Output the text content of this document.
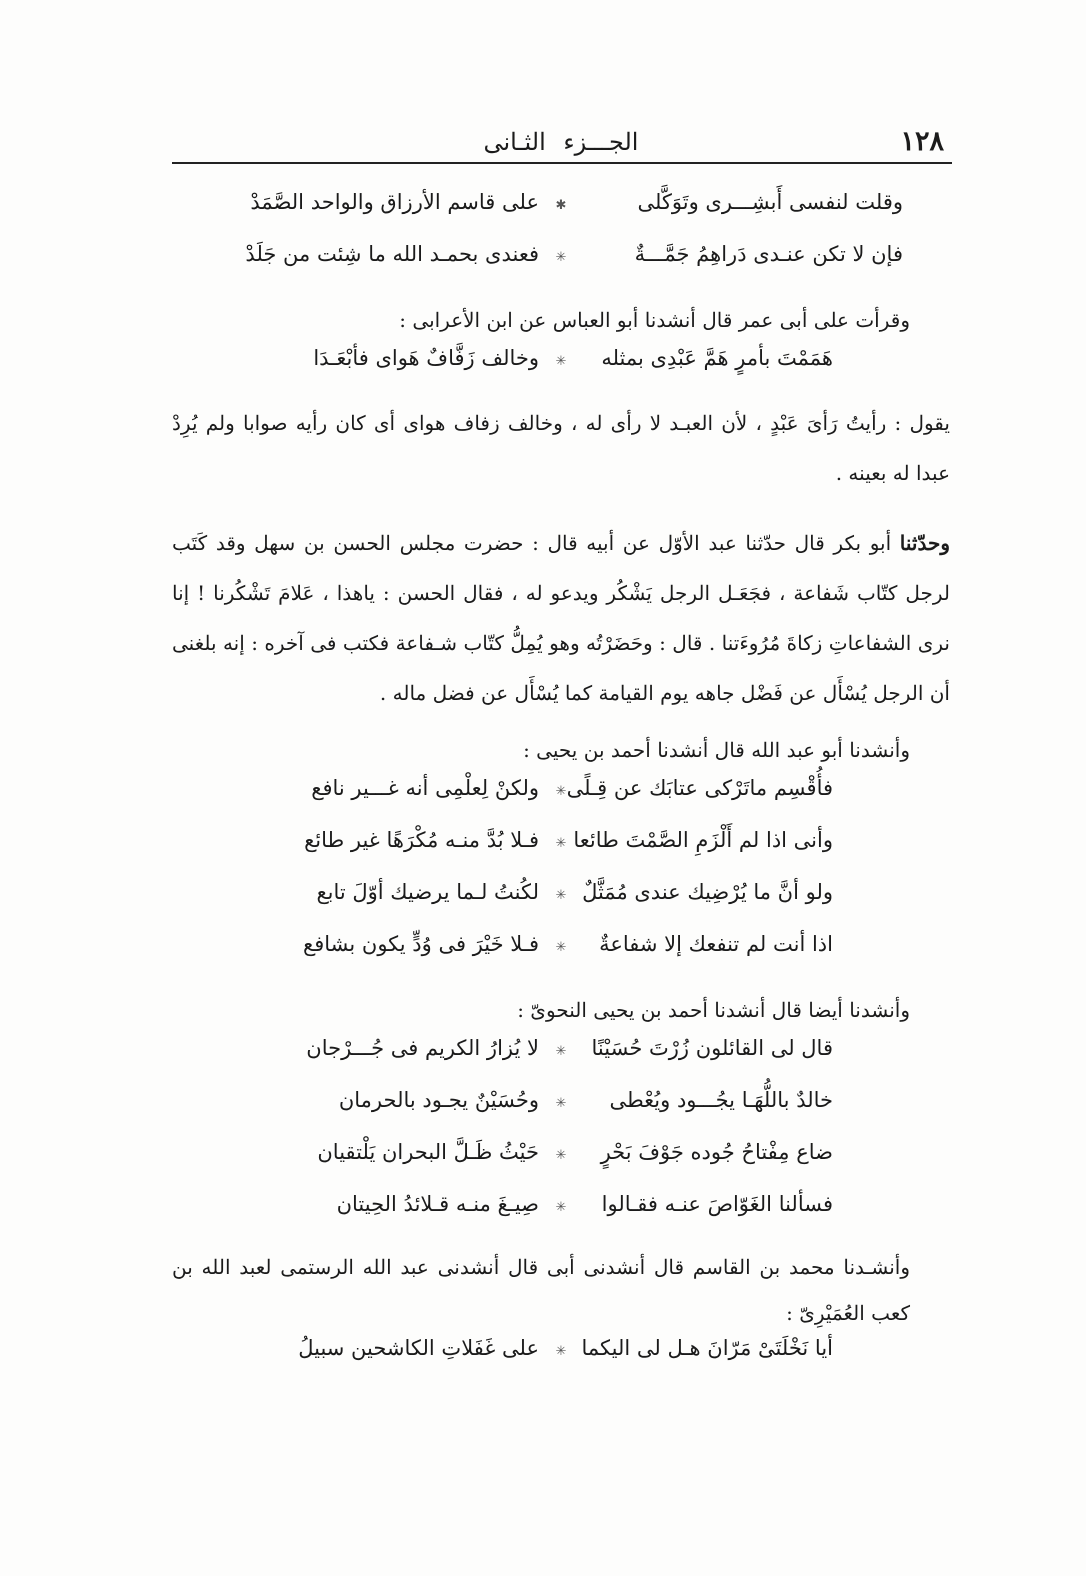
١٢٨
الجـــزء الثـانى
وقلت لنفسى أَبشِـــرى وتَوَكَّلى
✱
على قاسم الأرزاق والواحد الصَّمَدْ
فإن لا تكن عنـدى دَراهِمُ جَمَّـــةٌ
✳
فعندى بحمـد الله ما شِئت من جَلَدْ
وقرأت على أبى عمر قال أنشدنا أبو العباس عن ابن الأعرابى :
هَمَمْتَ بأمرٍ هَمَّ عَبْدِى بمثله
✳
وخالف زَفَّافٌ هَواى فأبْعَـدَا

يقول : رأيتُ رَأىَ عَبْدٍ ، لأن العبـد لا رأى له ، وخالف زفاف هواى أى كان رأيه صوابا ولم يُرِدْ عبدا له بعينه .

وحدّثنا أبو بكر قال حدّثنا عبد الأوّل عن أبيه قال : حضرت مجلس الحسن بن سهل وقد كَتَب لرجل كتّاب شَفاعة ، فجَعَـل الرجل يَشْكُر ويدعو له ، فقال الحسن : ياهذا ، عَلامَ تَشْكُرنا ! إنا نرى الشفاعاتِ زكاةَ مُرُوءَتنا . قال : وحَضَرْتُه وهو يُمِلُّ كتّاب شـفاعة فكتب فى آخره : إنه بلغنى أن الرجل يُسْأَل عن فَضْل جاهه يوم القيامة كما يُسْأَل عن فضل ماله .

وأنشدنا أبو عبد الله قال أنشدنا أحمد بن يحيى :
فأُقْسِم ماتَرْكى عتابَك عن قِـلًى
✳
ولكنْ لِعلْمِى أنه غـــير نافع
وأنى اذا لم أَلْزَمِ الصَّمْتَ طائعا
✳
فـلا بُدَّ منـه مُكْرَهًا غير طائع
ولو أنَّ ما يُرْضِيك عندى مُمَثَّلٌ
✳
لكُنتُ لـما يرضيك أوّلَ تابع
اذا أنت لم تنفعك إلا شفاعةٌ
✳
فـلا خَيْرَ فى وُدٍّ يكون بشافع
وأنشدنا أيضا قال أنشدنا أحمد بن يحيى النحوىّ :
قال لى القائلون زُرْتَ حُسَيْنًا
✳
لا يُزارُ الكريم فى جُـــرْجان
خالدٌ باللُّهَـا يجُـــود ويُعْطى
✳
وحُسَيْنٌ يجـود بالحرمان
ضاع مِفْتاحُ جُوده جَوْفَ بَحْرٍ
✳
حَيْثُ ظَـلَّ البحران يَلْتقيان
فسألنا الغَوّاصَ عنـه فقـالوا
✳
صِيـغَ منـه قـلائدُ الحِيتان

وأنشـدنا محمد بن القاسم قال أنشدنى أبى قال أنشدنى عبد الله الرستمى لعبد الله بن كعب العُمَيْرِىّ :

أيا نَخْلَتَىْ مَرّانَ هـل لى اليكما
✳
على غَفَلاتِ الكاشحين سبيلُ
